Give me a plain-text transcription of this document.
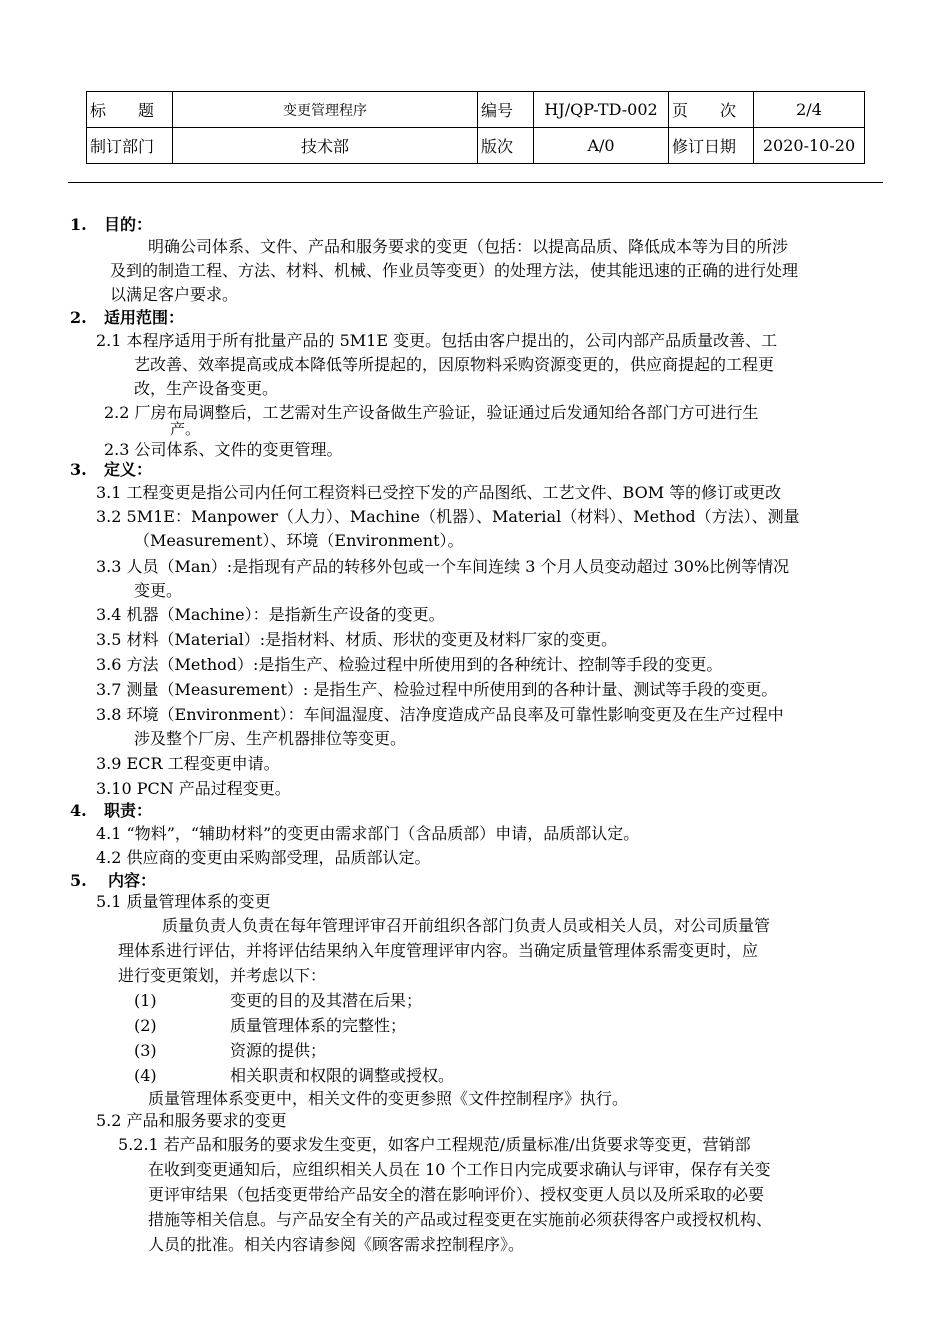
标　　题	变更管理程序	编号	HJ/QP-TD-002	页　　次	2/4
制订部门	技术部	版次	A/0	修订日期	2020-10-20
1. 目的：
明确公司体系、文件、产品和服务要求的变更（包括：以提高品质、降低成本等为目的所涉
及到的制造工程、方法、材料、机械、作业员等变更）的处理方法，使其能迅速的正确的进行处理
以满足客户要求。
2. 适用范围：
2.1 本程序适用于所有批量产品的 5M1E 变更。包括由客户提出的，公司内部产品质量改善、工
艺改善、效率提高或成本降低等所提起的，因原物料采购资源变更的，供应商提起的工程更
改，生产设备变更。
2.2 厂房布局调整后，工艺需对生产设备做生产验证，验证通过后发通知给各部门方可进行生
产。
2.3 公司体系、文件的变更管理。
3. 定义：
3.1 工程变更是指公司内任何工程资料已受控下发的产品图纸、工艺文件、BOM 等的修订或更改
3.2 5M1E：Manpower（人力）、Machine（机器）、Material（材料）、Method（方法）、测量
（Measurement）、环境（Environment）。
3.3 人员（Man）:是指现有产品的转移外包或一个车间连续 3 个月人员变动超过 30%比例等情况
变更。
3.4 机器（Machine）：是指新生产设备的变更。
3.5 材料（Material）:是指材料、材质、形状的变更及材料厂家的变更。
3.6 方法（Method）:是指生产、检验过程中所使用到的各种统计、控制等手段的变更。
3.7 测量（Measurement）: 是指生产、检验过程中所使用到的各种计量、测试等手段的变更。
3.8 环境（Environment）：车间温湿度、洁净度造成产品良率及可靠性影响变更及在生产过程中
涉及整个厂房、生产机器排位等变更。
3.9 ECR 工程变更申请。
3.10 PCN 产品过程变更。
4. 职责：
4.1 “物料”，“辅助材料”的变更由需求部门（含品质部）申请，品质部认定。
4.2 供应商的变更由采购部受理，品质部认定。
5. 内容：
5.1 质量管理体系的变更
质量负责人负责在每年管理评审召开前组织各部门负责人员或相关人员，对公司质量管
理体系进行评估，并将评估结果纳入年度管理评审内容。当确定质量管理体系需变更时，应
进行变更策划，并考虑以下：
(1)	变更的目的及其潜在后果；
(2)	质量管理体系的完整性；
(3)	资源的提供；
(4)	相关职责和权限的调整或授权。
质量管理体系变更中，相关文件的变更参照《文件控制程序》执行。
5.2 产品和服务要求的变更
5.2.1 若产品和服务的要求发生变更，如客户工程规范/质量标准/出货要求等变更，营销部
在收到变更通知后，应组织相关人员在 10 个工作日内完成要求确认与评审，保存有关变
更评审结果（包括变更带给产品安全的潜在影响评价）、授权变更人员以及所采取的必要
措施等相关信息。与产品安全有关的产品或过程变更在实施前必须获得客户或授权机构、
人员的批准。相关内容请参阅《顾客需求控制程序》。
